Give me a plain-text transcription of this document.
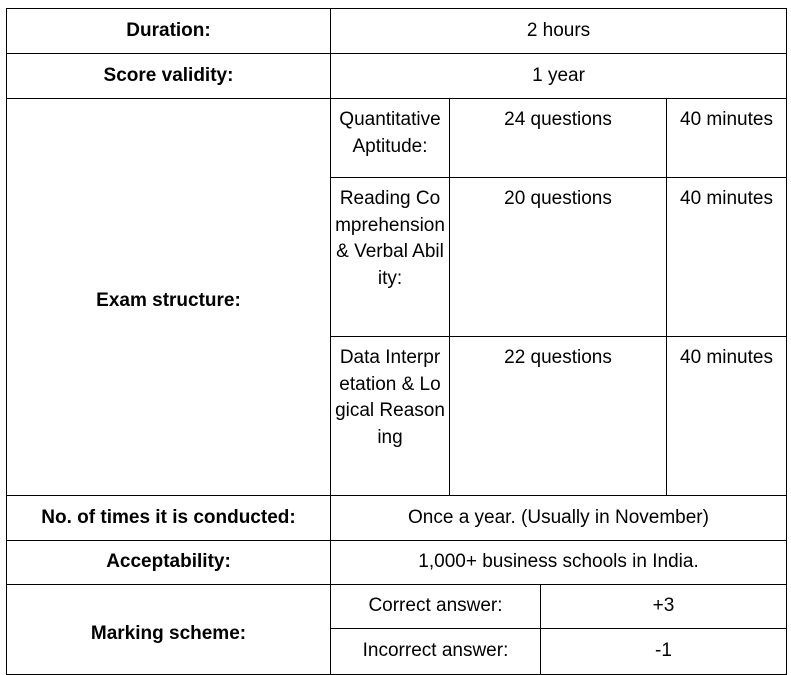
Duration:	2 hours			
Score validity:	1 year			
Exam structure:	Quantitative Aptitude:	24 questions		40 minutes
	Reading Comprehension & Verbal Ability:	20 questions		40 minutes
	Data Interpretation & Logical Reasoning	22 questions		40 minutes
No. of times it is conducted:	Once a year. (Usually in November)			
Acceptability:	1,000+ business schools in India.			
Marking scheme:	Correct answer:		+3	
	Incorrect answer:		-1	
